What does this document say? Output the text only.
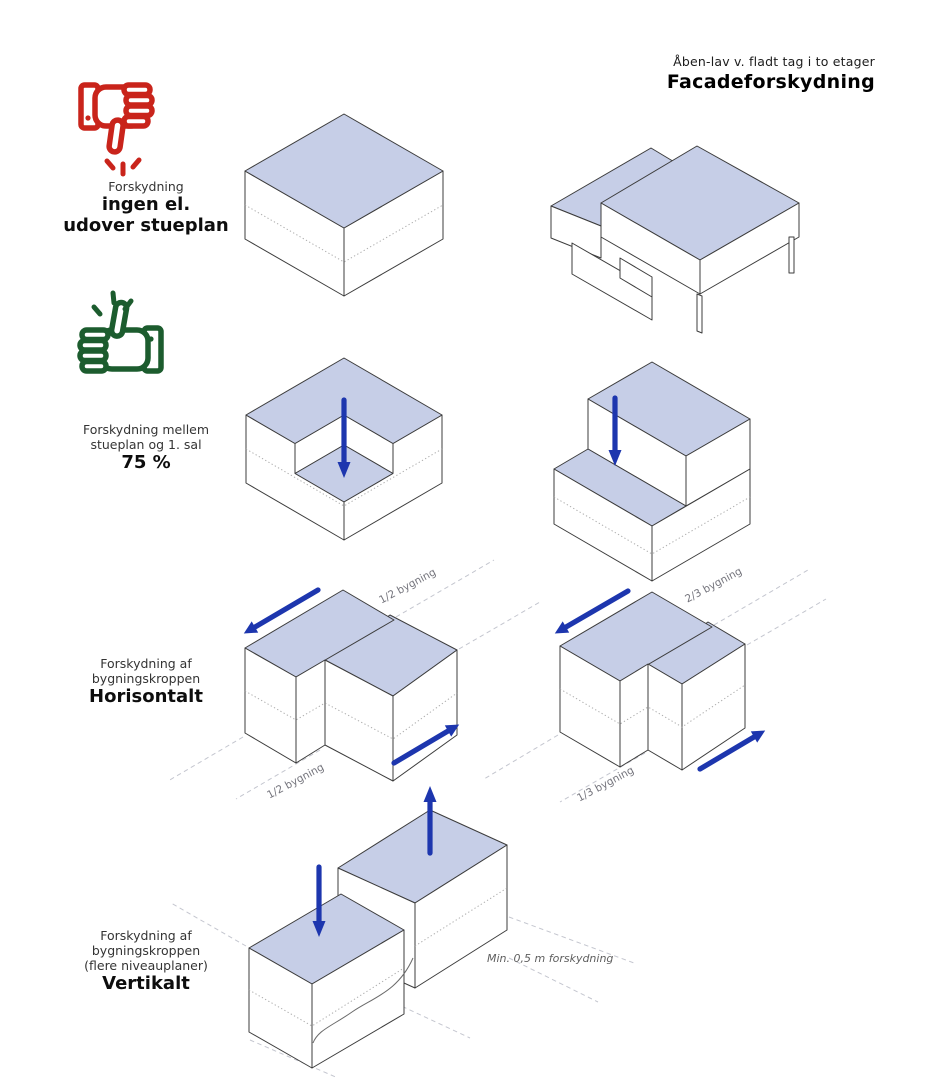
Åben-lav v. fladt tag i to etager
Facadeforskydning
Forskydning
ingen el.
udover stueplan
Forskydning mellem
stueplan og 1. sal
75 %
Forskydning af
bygningskroppen
Horisontalt
Forskydning af
bygningskroppen
(flere niveauplaner)
Vertikalt
1/2 bygning
1/2 bygning
2/3 bygning
1/3 bygning
Min. 0,5 m forskydning
